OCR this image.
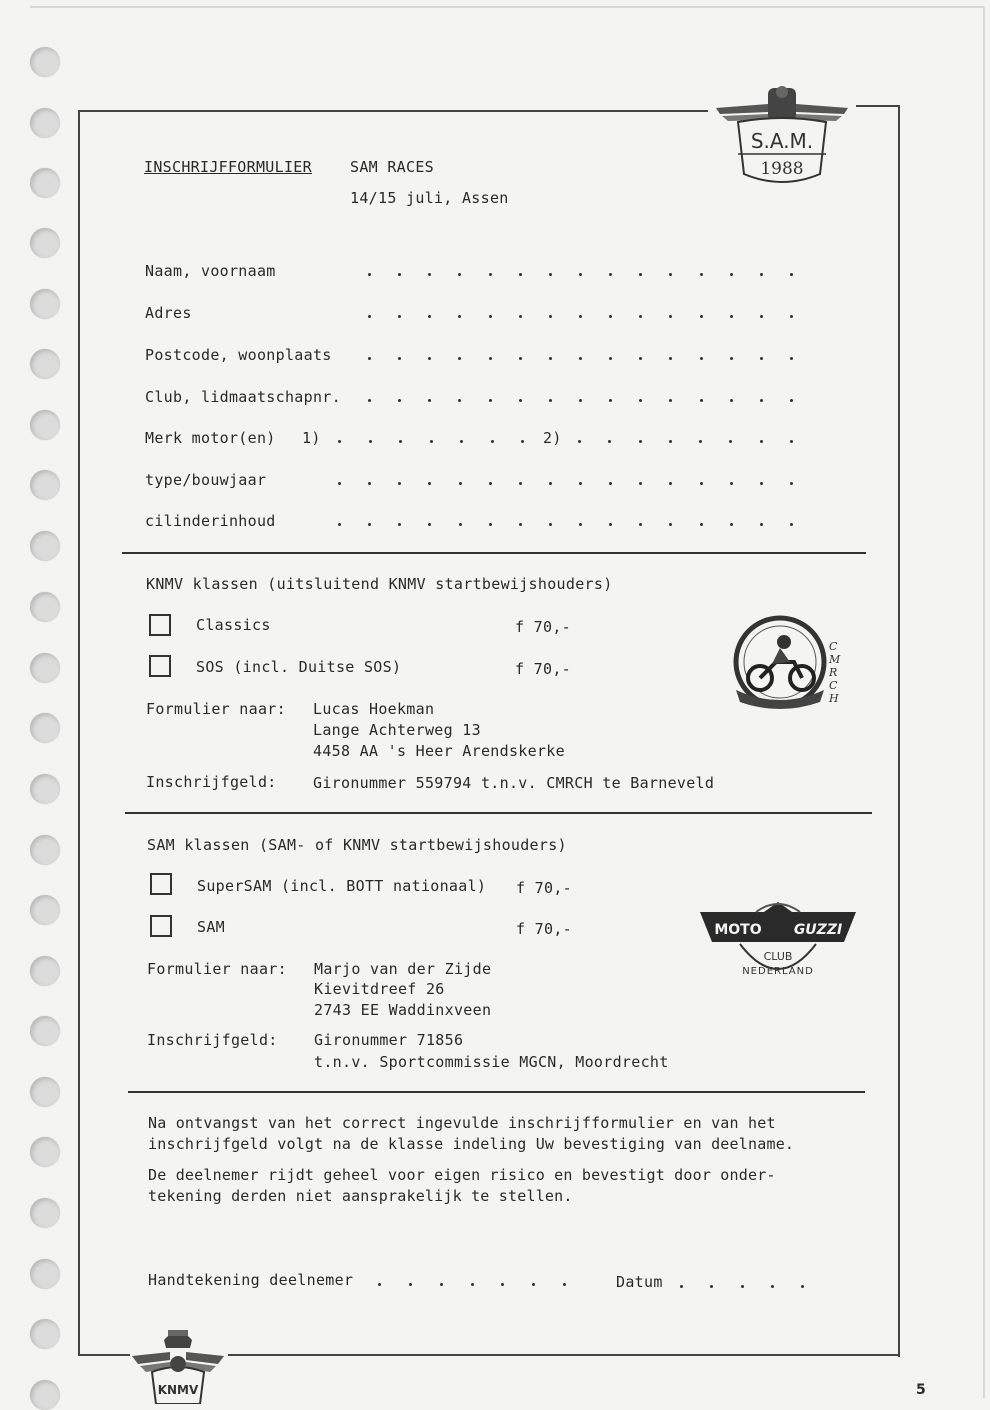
S.A.M.
1988
INSCHRIJFFORMULIER	SAM RACES
14/15 juli, Assen
Naam, voornaam
Adres
Postcode, woonplaats
Club, lidmaatschapnr.
Merk motor(en) 1)	2)
type/bouwjaar
cilinderinhoud
KNMV klassen (uitsluitend KNMV startbewijshouders)
Classics	f 70,-
SOS (incl. Duitse SOS)	f 70,-
C
M
R
C
H
Formulier naar: Lucas Hoekman
Lange Achterweg 13
4458 AA 's Heer Arendskerke
Inschrijfgeld: Gironummer 559794 t.n.v. CMRCH te Barneveld
SAM klassen (SAM- of KNMV startbewijshouders)
SuperSAM (incl. BOTT nationaal) f 70,-
SAM	f 70,-	MOTO GUZZI
CLUB
NEDERLAND
Formulier naar: Marjo van der Zijde
Kievitdreef 26
2743 EE Waddinxveen
Inschrijfgeld: Gironummer 71856
t.n.v. Sportcommissie MGCN, Moordrecht
Na ontvangst van het correct ingevulde inschrijfformulier en van het
inschrijfgeld volgt na de klasse indeling Uw bevestiging van deelname.
De deelnemer rijdt geheel voor eigen risico en bevestigt door onder-
tekening derden niet aansprakelijk te stellen.
Handtekening deelnemer	Datum
KNMV	5
